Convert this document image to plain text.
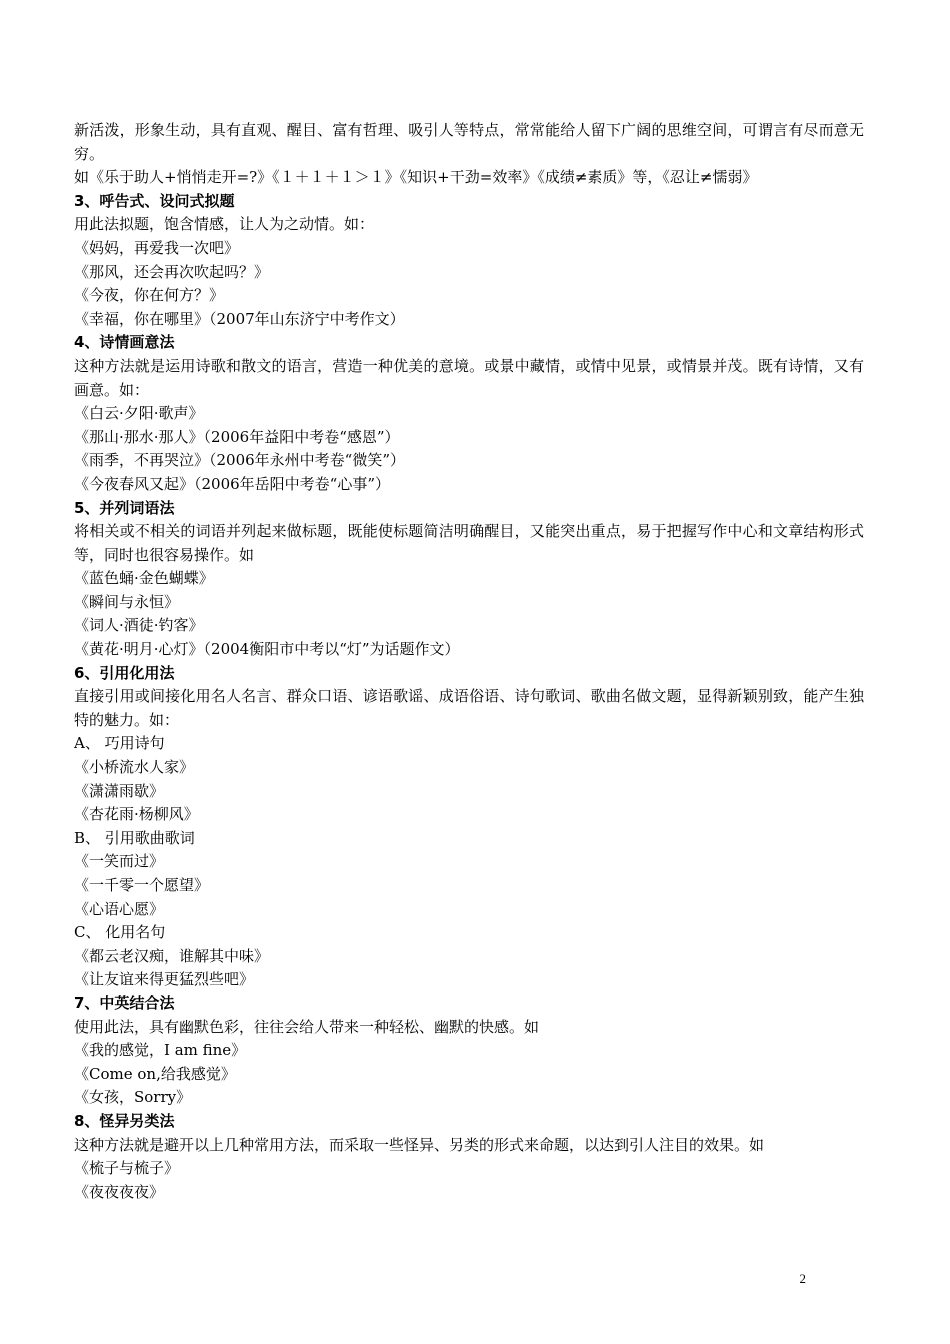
新活泼，形象生动，具有直观、醒目、富有哲理、吸引人等特点，常常能给人留下广阔的思维空间，可谓言有尽而意无穷。
如《乐于助人+悄悄走开=?》《１＋１＋１＞１》《知识+干劲=效率》《成绩≠素质》等，《忍让≠懦弱》
3、呼告式、设问式拟题
用此法拟题，饱含情感，让人为之动情。如：
《妈妈，再爱我一次吧》
《那风，还会再次吹起吗？》
《今夜，你在何方？》
《幸福，你在哪里》（2007年山东济宁中考作文）
4、诗情画意法
这种方法就是运用诗歌和散文的语言，营造一种优美的意境。或景中藏情，或情中见景，或情景并茂。既有诗情，又有画意。如：
《白云·夕阳·歌声》
《那山·那水·那人》（2006年益阳中考卷“感恩”）
《雨季，不再哭泣》（2006年永州中考卷“微笑”）
《今夜春风又起》（2006年岳阳中考卷“心事”）
5、并列词语法
将相关或不相关的词语并列起来做标题，既能使标题简洁明确醒目，又能突出重点，易于把握写作中心和文章结构形式等，同时也很容易操作。如
《蓝色蛹·金色蝴蝶》
《瞬间与永恒》
《词人·酒徒·钓客》
《黄花·明月·心灯》（2004衡阳市中考以“灯”为话题作文）
6、引用化用法
直接引用或间接化用名人名言、群众口语、谚语歌谣、成语俗语、诗句歌词、歌曲名做文题，显得新颖别致，能产生独特的魅力。如：
A、 巧用诗句
《小桥流水人家》
《潇潇雨歇》
《杏花雨·杨柳风》
B、 引用歌曲歌词
《一笑而过》
《一千零一个愿望》
《心语心愿》
C、 化用名句
《都云老汉痴，谁解其中味》
《让友谊来得更猛烈些吧》
7、中英结合法
使用此法，具有幽默色彩，往往会给人带来一种轻松、幽默的快感。如
《我的感觉，I am fine》
《Come on,给我感觉》
《女孩，Sorry》
8、怪异另类法
这种方法就是避开以上几种常用方法，而采取一些怪异、另类的形式来命题，以达到引人注目的效果。如
《梳子与梳子》
《夜夜夜夜》
2
